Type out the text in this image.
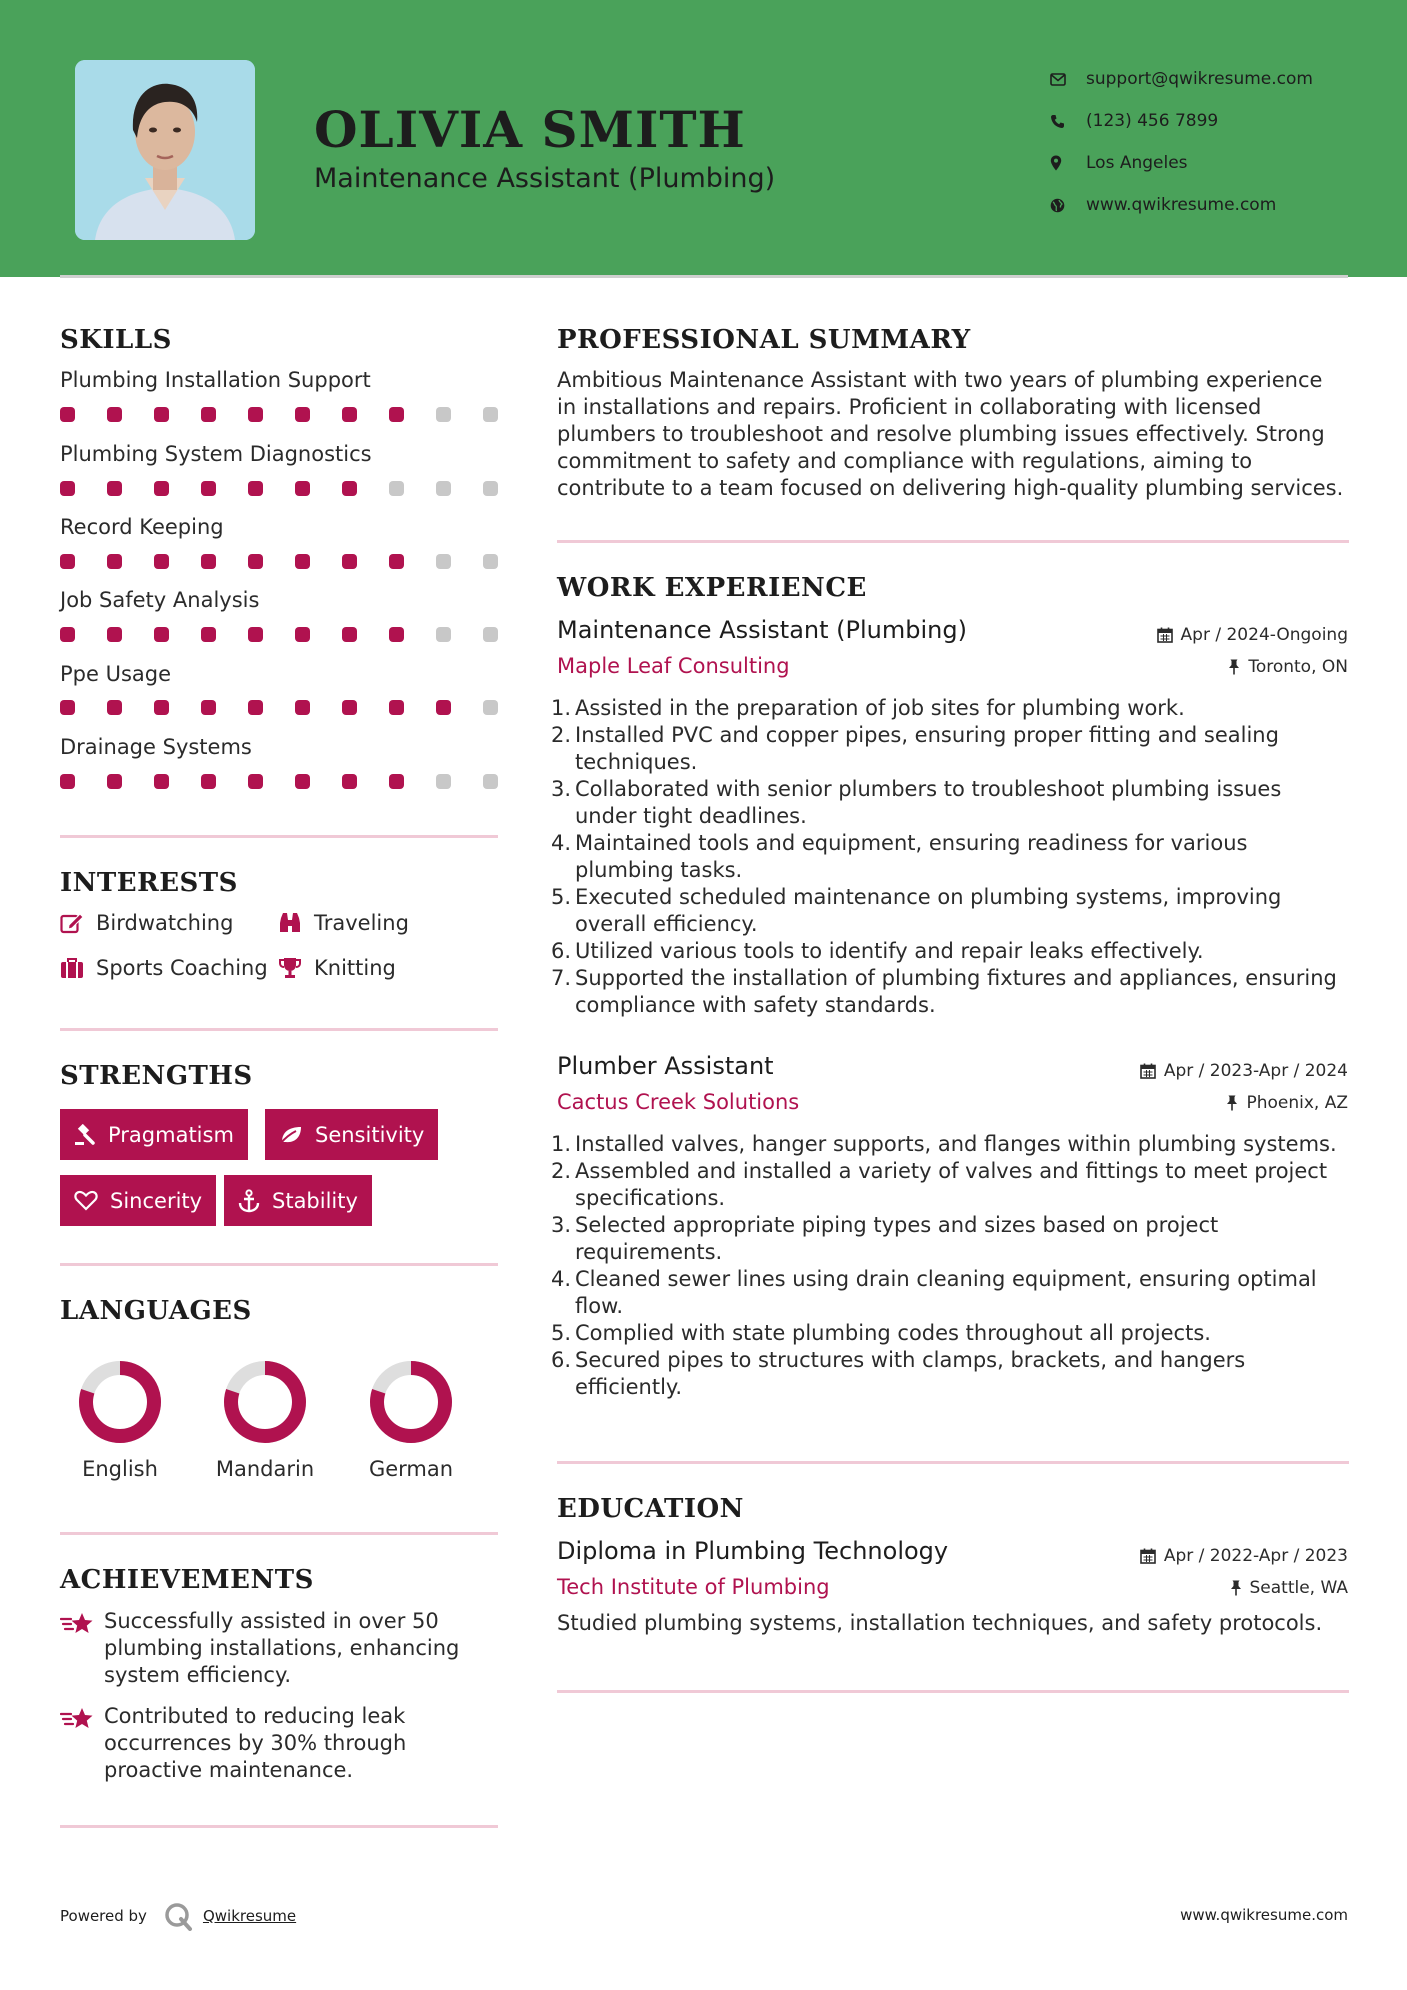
OLIVIA SMITH
Maintenance Assistant (Plumbing)
support@qwikresume.com
(123) 456 7899
Los Angeles
www.qwikresume.com
SKILLS
Plumbing Installation Support
Plumbing System Diagnostics
Record Keeping
Job Safety Analysis
Ppe Usage
Drainage Systems
INTERESTS
Birdwatching	Traveling
Sports Coaching Knitting
STRENGTHS
Pragmatism	Sensitivity
Sincerity	Stability
LANGUAGES
English	Mandarin	German
ACHIEVEMENTS
Successfully assisted in over 50
plumbing installations, enhancing
system efficiency.
Contributed to reducing leak
occurrences by 30% through
proactive maintenance.
PROFESSIONAL SUMMARY
Ambitious Maintenance Assistant with two years of plumbing experience
in installations and repairs. Proficient in collaborating with licensed
plumbers to troubleshoot and resolve plumbing issues effectively. Strong
commitment to safety and compliance with regulations, aiming to
contribute to a team focused on delivering high-quality plumbing services.
WORK EXPERIENCE
Maintenance Assistant (Plumbing)	Apr / 2024-Ongoing
Maple Leaf Consulting	Toronto, ON
1. Assisted in the preparation of job sites for plumbing work.
2. Installed PVC and copper pipes, ensuring proper fitting and sealing
techniques.
3. Collaborated with senior plumbers to troubleshoot plumbing issues
under tight deadlines.
4. Maintained tools and equipment, ensuring readiness for various
plumbing tasks.
5. Executed scheduled maintenance on plumbing systems, improving
overall efficiency.
6. Utilized various tools to identify and repair leaks effectively.
7. Supported the installation of plumbing fixtures and appliances, ensuring
compliance with safety standards.
Plumber Assistant	Apr / 2023-Apr / 2024
Cactus Creek Solutions	Phoenix, AZ
1. Installed valves, hanger supports, and flanges within plumbing systems.
2. Assembled and installed a variety of valves and fittings to meet project
specifications.
3. Selected appropriate piping types and sizes based on project
requirements.
4. Cleaned sewer lines using drain cleaning equipment, ensuring optimal
flow.
5. Complied with state plumbing codes throughout all projects.
6. Secured pipes to structures with clamps, brackets, and hangers
efficiently.
EDUCATION
Diploma in Plumbing Technology	Apr / 2022-Apr / 2023
Tech Institute of Plumbing	Seattle, WA
Studied plumbing systems, installation techniques, and safety protocols.
Powered by	Qwikresume	www.qwikresume.com
